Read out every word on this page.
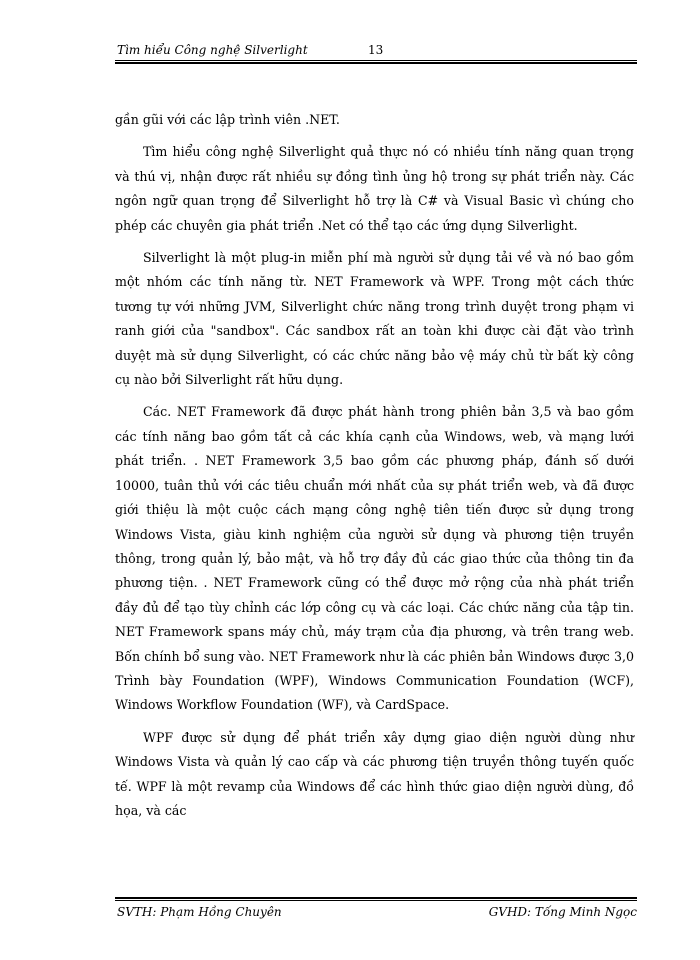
Tìm hiểu Công nghệ Silverlight	13

gần gũi với các lập trình viên .NET.

Tìm hiểu công nghệ Silverlight quả thực nó có nhiều tính năng quan trọng và thú vị, nhận được rất nhiều sự đồng tình ủng hộ trong sự phát triển này. Các ngôn ngữ quan trọng để Silverlight hỗ trợ là C# và Visual Basic vì chúng cho phép các chuyên gia phát triển .Net có thể tạo các ứng dụng Silverlight.

Silverlight là một plug-in miễn phí mà người sử dụng tải về và nó bao gồm một nhóm các tính năng từ. NET Framework và WPF. Trong một cách thức tương tự với những JVM, Silverlight chức năng trong trình duyệt trong phạm vi ranh giới của "sandbox". Các sandbox rất an toàn khi được cài đặt vào trình duyệt mà sử dụng Silverlight, có các chức năng bảo vệ máy chủ từ bất kỳ công cụ nào bởi Silverlight rất hữu dụng.

Các. NET Framework đã được phát hành trong phiên bản 3,5 và bao gồm các tính năng bao gồm tất cả các khía cạnh của Windows, web, và mạng lưới phát triển. . NET Framework 3,5 bao gồm các phương pháp, đánh số dưới 10000, tuân thủ với các tiêu chuẩn mới nhất của sự phát triển web, và đã được giới thiệu là một cuộc cách mạng công nghệ tiên tiến được sử dụng trong Windows Vista, giàu kinh nghiệm của người sử dụng và phương tiện truyền thông, trong quản lý, bảo mật, và hỗ trợ đầy đủ các giao thức của thông tin đa phương tiện. . NET Framework cũng có thể được mở rộng của nhà phát triển đầy đủ để tạo tùy chỉnh các lớp công cụ và các loại. Các chức năng của tập tin. NET Framework spans máy chủ, máy trạm của địa phương, và trên trang web. Bốn chính bổ sung vào. NET Framework như là các phiên bản Windows được 3,0 Trình bày Foundation (WPF), Windows Communication Foundation (WCF), Windows Workflow Foundation (WF), và CardSpace.

WPF được sử dụng để phát triển xây dựng giao diện người dùng như Windows Vista và quản lý cao cấp và các phương tiện truyền thông tuyến quốc tế. WPF là một revamp của Windows để các hình thức giao diện người dùng, đồ họa, và các

SVTH: Phạm Hồng Chuyên	GVHD: Tống Minh Ngọc
